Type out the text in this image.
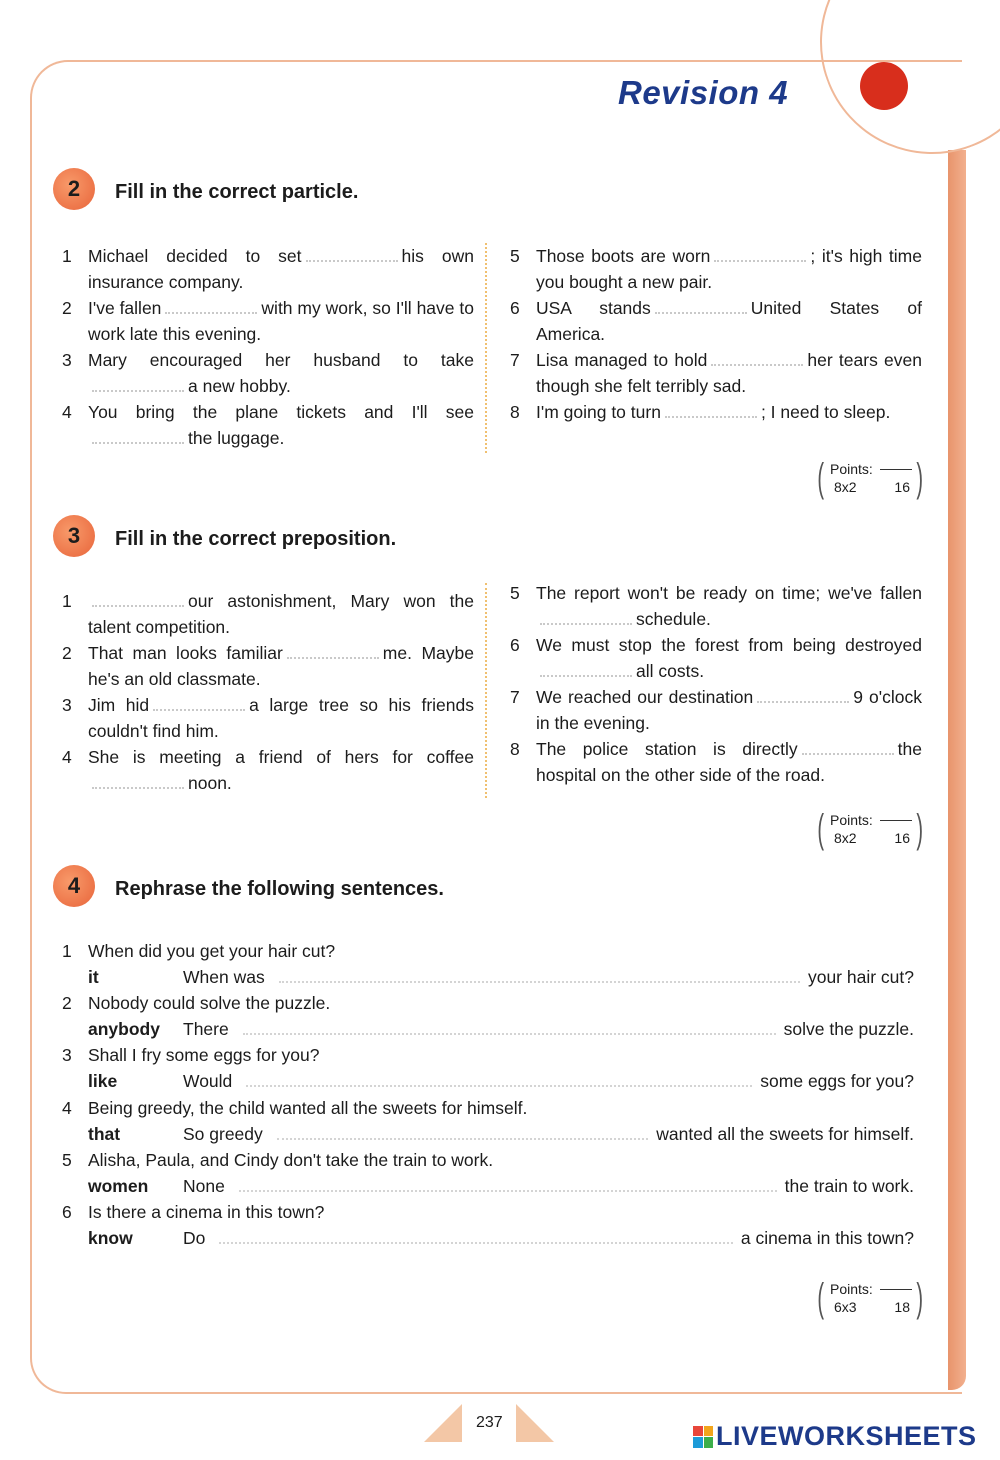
Revision 4
2	Fill in the correct particle.
1 Michael decided to set	his own insurance company.
2 I've fallen	with my work, so I'll have to work late this evening.
3 Mary encouraged her husband to takea new hobby.
4 You bring the plane tickets and I'll seethe luggage.
5 Those boots are worn	; it's high time you bought a new pair.
6 USA stands	United States of America.
7 Lisa managed to hold	her tears even though she felt terribly sad.
8 I'm going to turn	; I need to sleep.
( )
Points:
8x2	16
3	Fill in the correct preposition.
1	our astonishment, Mary won the talent competition.
2 That man looks familiar	me. Maybe he's an old classmate.
3 Jim hid	a large tree so his friends couldn't find him.
4 She is meeting a friend of hers for coffeenoon.
5 The report won't be ready on time; we've fallenschedule.
6 We must stop the forest from being destroyedall costs.
7 We reached our destination	9 o'clock in the evening.
8 The police station is directly	the hospital on the other side of the road.
( )
Points:
8x2	16
4	Rephrase the following sentences.
1 When did you get your hair cut?
it	When was	your hair cut?
2 Nobody could solve the puzzle.
anybody	There	solve the puzzle.
3 Shall I fry some eggs for you?
like	Would	some eggs for you?
4 Being greedy, the child wanted all the sweets for himself.
that	So greedy	wanted all the sweets for himself.
5 Alisha, Paula, and Cindy don't take the train to work.
women	None	the train to work.
6 Is there a cinema in this town?
know	Do	a cinema in this town?
( )
Points:
6x3	18
237	LIVEWORKSHEETS
